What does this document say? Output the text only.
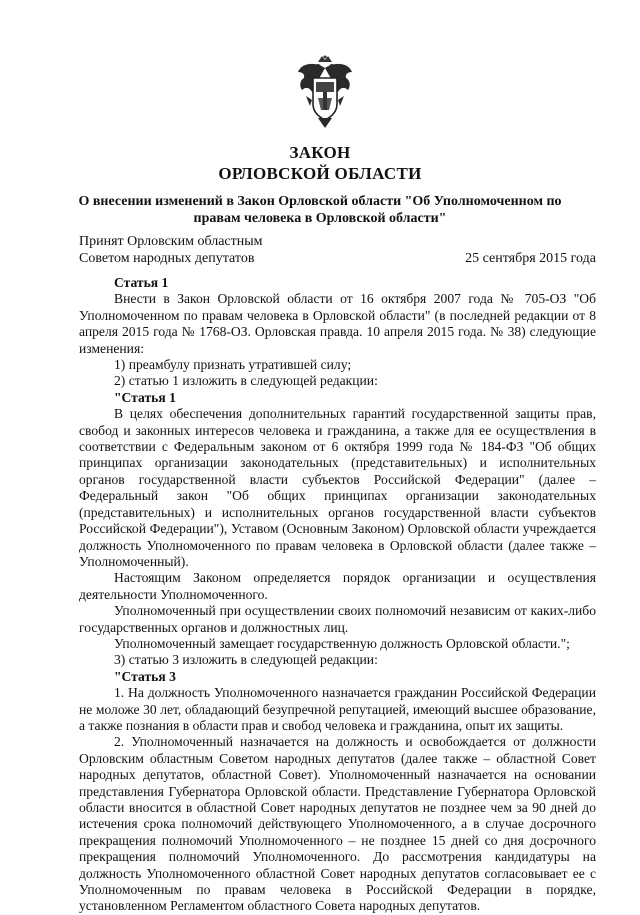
ЗАКОН
ОРЛОВСКОЙ ОБЛАСТИ
О внесении изменений в Закон Орловской области "Об Уполномоченном по правам человека в Орловской области"
Принят Орловским областным
Советом народных депутатов	25 сентября 2015 года

Статья 1

Внести в Закон Орловской области от 16 октября 2007 года № 705-ОЗ "Об Уполномоченном по правам человека в Орловской области" (в последней редакции от 8 апреля 2015 года № 1768-ОЗ. Орловская правда. 10 апреля 2015 года. № 38) следующие изменения:

1) преамбулу признать утратившей силу;

2) статью 1 изложить в следующей редакции:

"Статья 1

В целях обеспечения дополнительных гарантий государственной защиты прав, свобод и законных интересов человека и гражданина, а также для ее осуществления в соответствии с Федеральным законом от 6 октября 1999 года № 184-ФЗ "Об общих принципах организации законодательных (представительных) и исполнительных органов государственной власти субъектов Российской Федерации" (далее – Федеральный закон "Об общих принципах организации законодательных (представительных) и исполнительных органов государственной власти субъектов Российской Федерации"), Уставом (Основным Законом) Орловской области учреждается должность Уполномоченного по правам человека в Орловской области (далее также – Уполномоченный).

Настоящим Законом определяется порядок организации и осуществления деятельности Уполномоченного.

Уполномоченный при осуществлении своих полномочий независим от каких-либо государственных органов и должностных лиц.

Уполномоченный замещает государственную должность Орловской области.";

3) статью 3 изложить в следующей редакции:

"Статья 3

1. На должность Уполномоченного назначается гражданин Российской Федерации не моложе 30 лет, обладающий безупречной репутацией, имеющий высшее образование, а также познания в области прав и свобод человека и гражданина, опыт их защиты.

2. Уполномоченный назначается на должность и освобождается от должности Орловским областным Советом народных депутатов (далее также – областной Совет народных депутатов, областной Совет). Уполномоченный назначается на основании представления Губернатора Орловской области. Представление Губернатора Орловской области вносится в областной Совет народных депутатов не позднее чем за 90 дней до истечения срока полномочий действующего Уполномоченного, а в случае досрочного прекращения полномочий Уполномоченного – не позднее 15 дней со дня досрочного прекращения полномочий Уполномоченного. До рассмотрения кандидатуры на должность Уполномоченного областной Совет народных депутатов согласовывает ее с Уполномоченным по правам человека в Российской Федерации в порядке, установленном Регламентом областного Совета народных депутатов.
